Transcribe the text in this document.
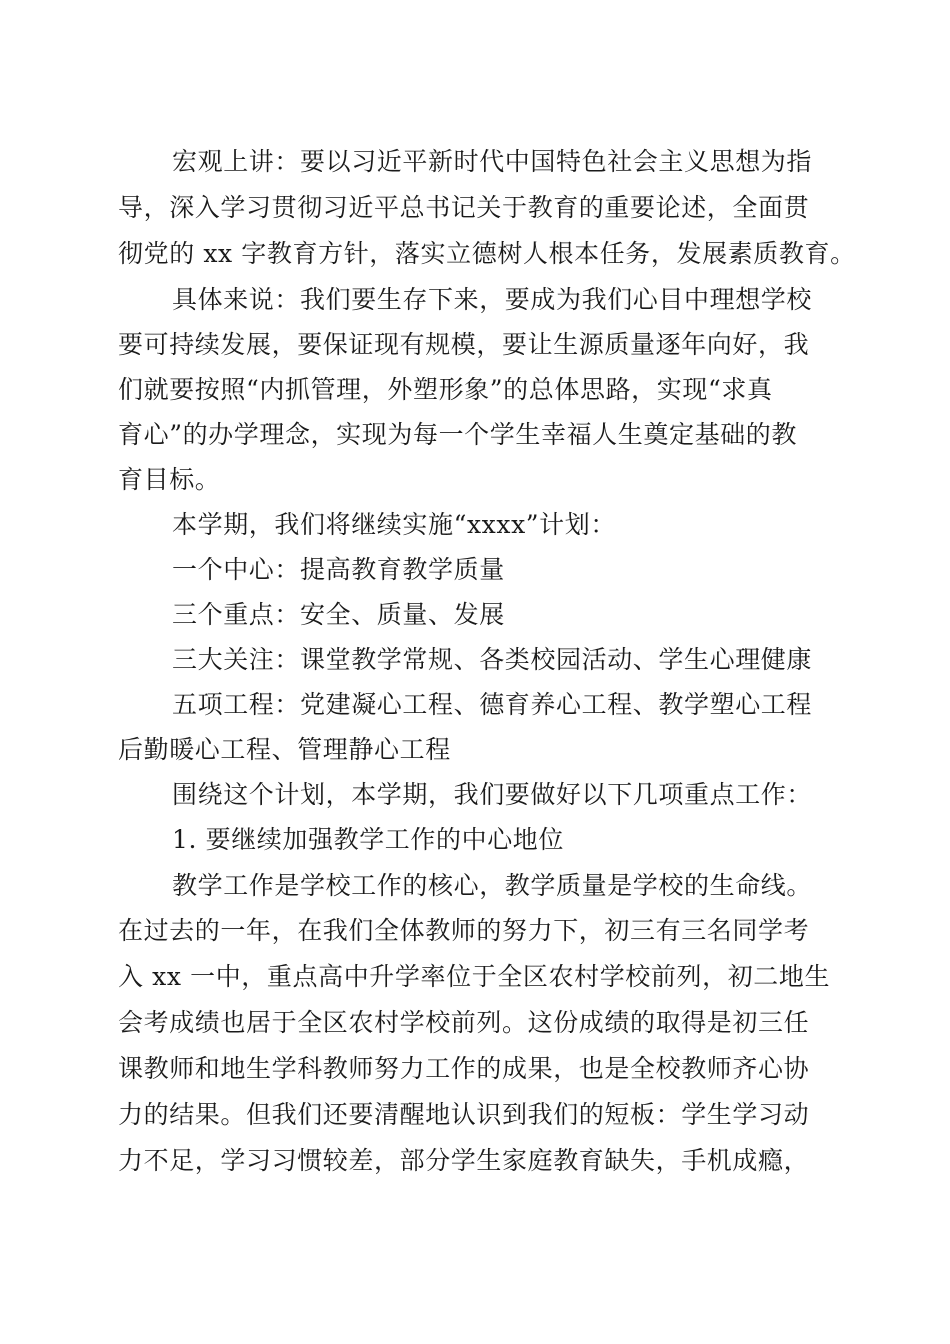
宏观上讲：要以习近平新时代中国特色社会主义思想为指
导，深入学习贯彻习近平总书记关于教育的重要论述，全面贯
彻党的 xx 字教育方针，落实立德树人根本任务，发展素质教育。
具体来说：我们要生存下来，要成为我们心目中理想学校
要可持续发展，要保证现有规模，要让生源质量逐年向好，我
们就要按照“内抓管理，外塑形象”的总体思路，实现“求真
育心”的办学理念，实现为每一个学生幸福人生奠定基础的教
育目标。
本学期，我们将继续实施“xxxx”计划：
一个中心：提高教育教学质量
三个重点：安全、质量、发展
三大关注：课堂教学常规、各类校园活动、学生心理健康
五项工程：党建凝心工程、德育养心工程、教学塑心工程
后勤暖心工程、管理静心工程
围绕这个计划，本学期，我们要做好以下几项重点工作：
1. 要继续加强教学工作的中心地位
教学工作是学校工作的核心，教学质量是学校的生命线。
在过去的一年，在我们全体教师的努力下，初三有三名同学考
入 xx 一中，重点高中升学率位于全区农村学校前列，初二地生
会考成绩也居于全区农村学校前列。这份成绩的取得是初三任
课教师和地生学科教师努力工作的成果，也是全校教师齐心协
力的结果。但我们还要清醒地认识到我们的短板：学生学习动
力不足，学习习惯较差，部分学生家庭教育缺失，手机成瘾，
